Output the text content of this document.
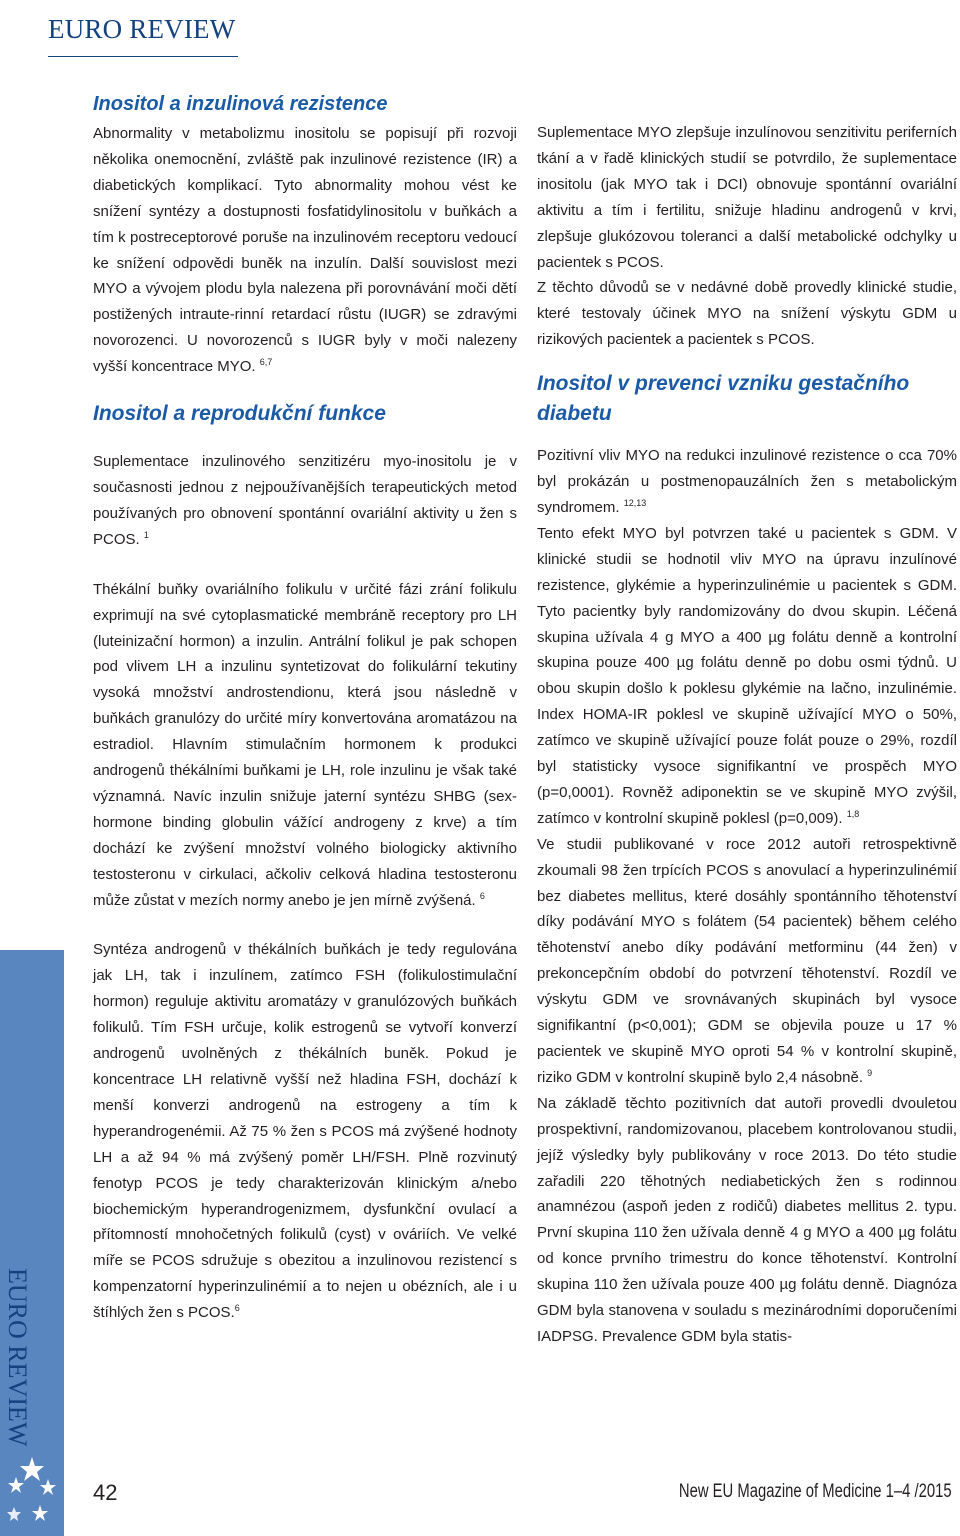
EURO REVIEW
EURO REVIEW
Inositol a inzulinová rezistence

Abnormality v metabolizmu inositolu se popisují při rozvoji několika onemocnění, zvláště pak inzulinové rezistence (IR) a diabetických komplikací. Tyto abnormality mohou vést ke snížení syntézy a dostupnosti fosfatidylinositolu v buňkách a tím k postreceptorové poruše na inzulinovém receptoru vedoucí ke snížení odpovědi buněk na inzulín. Další souvislost mezi MYO a vývojem plodu byla nalezena při porovnávání moči dětí postižených intraute-rinní retardací růstu (IUGR) se zdravými novorozenci. U novorozenců s IUGR byly v moči nalezeny vyšší koncentrace MYO. $^{6,7}$

Inositol a reprodukční funkce

Suplementace inzulinového senzitizéru myo-inositolu je v současnosti jednou z nejpoužívanějších terapeutických metod používaných pro obnovení spontánní ovariální aktivity u žen s PCOS. $^1$

Thékální buňky ovariálního folikulu v určité fázi zrání folikulu exprimují na své cytoplasmatické membráně receptory pro LH (luteinizační hormon) a inzulin. Antrální folikul je pak schopen pod vlivem LH a inzulinu syntetizovat do folikulární tekutiny vysoká množství androstendionu, která jsou následně v buňkách granulózy do určité míry konvertována aromatázou na estradiol. Hlavním stimulačním hormonem k produkci androgenů thékálními buňkami je LH, role inzulinu je však také významná. Navíc inzulin snižuje jaterní syntézu SHBG (sex-hormone binding globulin vážící androgeny z krve) a tím dochází ke zvýšení množství volného biologicky aktivního testosteronu v cirkulaci, ačkoliv celková hladina testosteronu může zůstat v mezích normy anebo je jen mírně zvýšená. $^6$

Syntéza androgenů v thékálních buňkách je tedy regulována jak LH, tak i inzulínem, zatímco FSH (folikulostimulační hormon) reguluje aktivitu aromatázy v granulózových buňkách folikulů. Tím FSH určuje, kolik estrogenů se vytvoří konverzí androgenů uvolněných z thékálních buněk. Pokud je koncentrace LH relativně vyšší než hladina FSH, dochází k menší konverzi androgenů na estrogeny a tím k hyperandrogenémii. Až 75 % žen s PCOS má zvýšené hodnoty LH a až 94 % má zvýšený poměr LH/FSH. Plně rozvinutý fenotyp PCOS je tedy charakterizován klinickým a/nebo biochemickým hyperandrogenizmem, dysfunkční ovulací a přítomností mnohočetných folikulů (cyst) v ováriích. Ve velké míře se PCOS sdružuje s obezitou a inzulinovou rezistencí s kompenzatorní hyperinzulinémií a to nejen u obézních, ale i u štíhlých žen s PCOS.$^6$

Suplementace MYO zlepšuje inzulínovou senzitivitu periferních tkání a v řadě klinických studií se potvrdilo, že suplementace inositolu (jak MYO tak i DCI) obnovuje spontánní ovariální aktivitu a tím i fertilitu, snižuje hladinu androgenů v krvi, zlepšuje glukózovou toleranci a další metabolické odchylky u pacientek s PCOS.

Z těchto důvodů se v nedávné době provedly klinické studie, které testovaly účinek MYO na snížení výskytu GDM u rizikových pacientek a pacientek s PCOS.

Inositol v prevenci vzniku gestačního diabetu

Pozitivní vliv MYO na redukci inzulinové rezistence o cca 70% byl prokázán u postmenopauzálních žen s metabolickým syndromem. $^{12,13}$

Tento efekt MYO byl potvrzen také u pacientek s GDM. V klinické studii se hodnotil vliv MYO na úpravu inzulínové rezistence, glykémie a hyperinzulinémie u pacientek s GDM. Tyto pacientky byly randomizovány do dvou skupin. Léčená skupina užívala 4 g MYO a 400 µg folátu denně a kontrolní skupina pouze 400 µg folátu denně po dobu osmi týdnů. U obou skupin došlo k poklesu glykémie na lačno, inzulinémie. Index HOMA-IR poklesl ve skupině užívající MYO o 50%, zatímco ve skupině užívající pouze folát pouze o 29%, rozdíl byl statisticky vysoce signifikantní ve prospěch MYO (p=0,0001). Rovněž adiponektin se ve skupině MYO zvýšil, zatímco v kontrolní skupině poklesl (p=0,009). $^{1,8}$

Ve studii publikované v roce 2012 autoři retrospektivně zkoumali 98 žen trpících PCOS s anovulací a hyperinzulinémií bez diabetes mellitus, které dosáhly spontánního těhotenství díky podávání MYO s folátem (54 pacientek) během celého těhotenství anebo díky podávání metforminu (44 žen) v prekoncepčním období do potvrzení těhotenství. Rozdíl ve výskytu GDM ve srovnávaných skupinách byl vysoce signifikantní (p<0,001); GDM se objevila pouze u 17 % pacientek ve skupině MYO oproti 54 % v kontrolní skupině, riziko GDM v kontrolní skupině bylo 2,4 násobně. $^9$

Na základě těchto pozitivních dat autoři provedli dvouletou prospektivní, randomizovanou, placebem kontrolovanou studii, jejíž výsledky byly publikovány v roce 2013. Do této studie zařadili 220 těhotných nediabetických žen s rodinnou anamnézou (aspoň jeden z rodičů) diabetes mellitus 2. typu. První skupina 110 žen užívala denně 4 g MYO a 400 µg folátu od konce prvního trimestru do konce těhotenství. Kontrolní skupina 110 žen užívala pouze 400 µg folátu denně. Diagnóza GDM byla stanovena v souladu s mezinárodními doporučeními IADPSG. Prevalence GDM byla statis-

42	New EU Magazine of Medicine 1–4 /2015
